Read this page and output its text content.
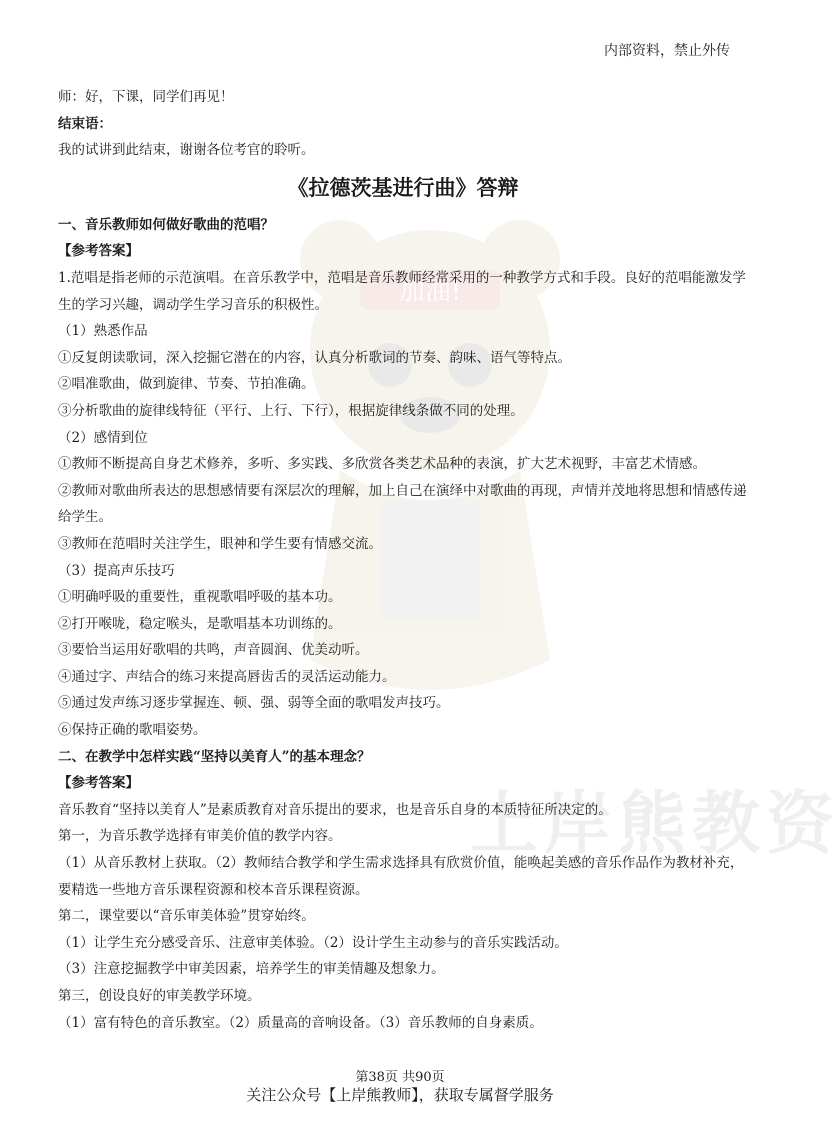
加油!
上岸熊教资
内部资料，禁止外传

师：好，下课，同学们再见！

结束语：

我的试讲到此结束，谢谢各位考官的聆听。

《拉德茨基进行曲》答辩

一、音乐教师如何做好歌曲的范唱？

【参考答案】

1.范唱是指老师的示范演唱。在音乐教学中，范唱是音乐教师经常采用的一种教学方式和手段。良好的范唱能激发学生的学习兴趣，调动学生学习音乐的积极性。

（1）熟悉作品

①反复朗读歌词，深入挖掘它潜在的内容，认真分析歌词的节奏、韵味、语气等特点。

②唱准歌曲，做到旋律、节奏、节拍准确。

③分析歌曲的旋律线特征（平行、上行、下行），根据旋律线条做不同的处理。

（2）感情到位

①教师不断提高自身艺术修养，多听、多实践、多欣赏各类艺术品种的表演，扩大艺术视野，丰富艺术情感。

②教师对歌曲所表达的思想感情要有深层次的理解，加上自己在演绎中对歌曲的再现，声情并茂地将思想和情感传递给学生。

③教师在范唱时关注学生，眼神和学生要有情感交流。

（3）提高声乐技巧

①明确呼吸的重要性，重视歌唱呼吸的基本功。

②打开喉咙，稳定喉头，是歌唱基本功训练的。

③要恰当运用好歌唱的共鸣，声音圆润、优美动听。

④通过字、声结合的练习来提高唇齿舌的灵活运动能力。

⑤通过发声练习逐步掌握连、顿、强、弱等全面的歌唱发声技巧。

⑥保持正确的歌唱姿势。

二、在教学中怎样实践“坚持以美育人”的基本理念？

【参考答案】

音乐教育“坚持以美育人”是素质教育对音乐提出的要求，也是音乐自身的本质特征所决定的。

第一，为音乐教学选择有审美价值的教学内容。

（1）从音乐教材上获取。（2）教师结合教学和学生需求选择具有欣赏价值，能唤起美感的音乐作品作为教材补充，要精选一些地方音乐课程资源和校本音乐课程资源。

第二，课堂要以“音乐审美体验”贯穿始终。

（1）让学生充分感受音乐、注意审美体验。（2）设计学生主动参与的音乐实践活动。

（3）注意挖掘教学中审美因素，培养学生的审美情趣及想象力。

第三，创设良好的审美教学环境。

（1）富有特色的音乐教室。（2）质量高的音响设备。（3）音乐教师的自身素质。

第38页 共90页
关注公众号【上岸熊教师】，获取专属督学服务
